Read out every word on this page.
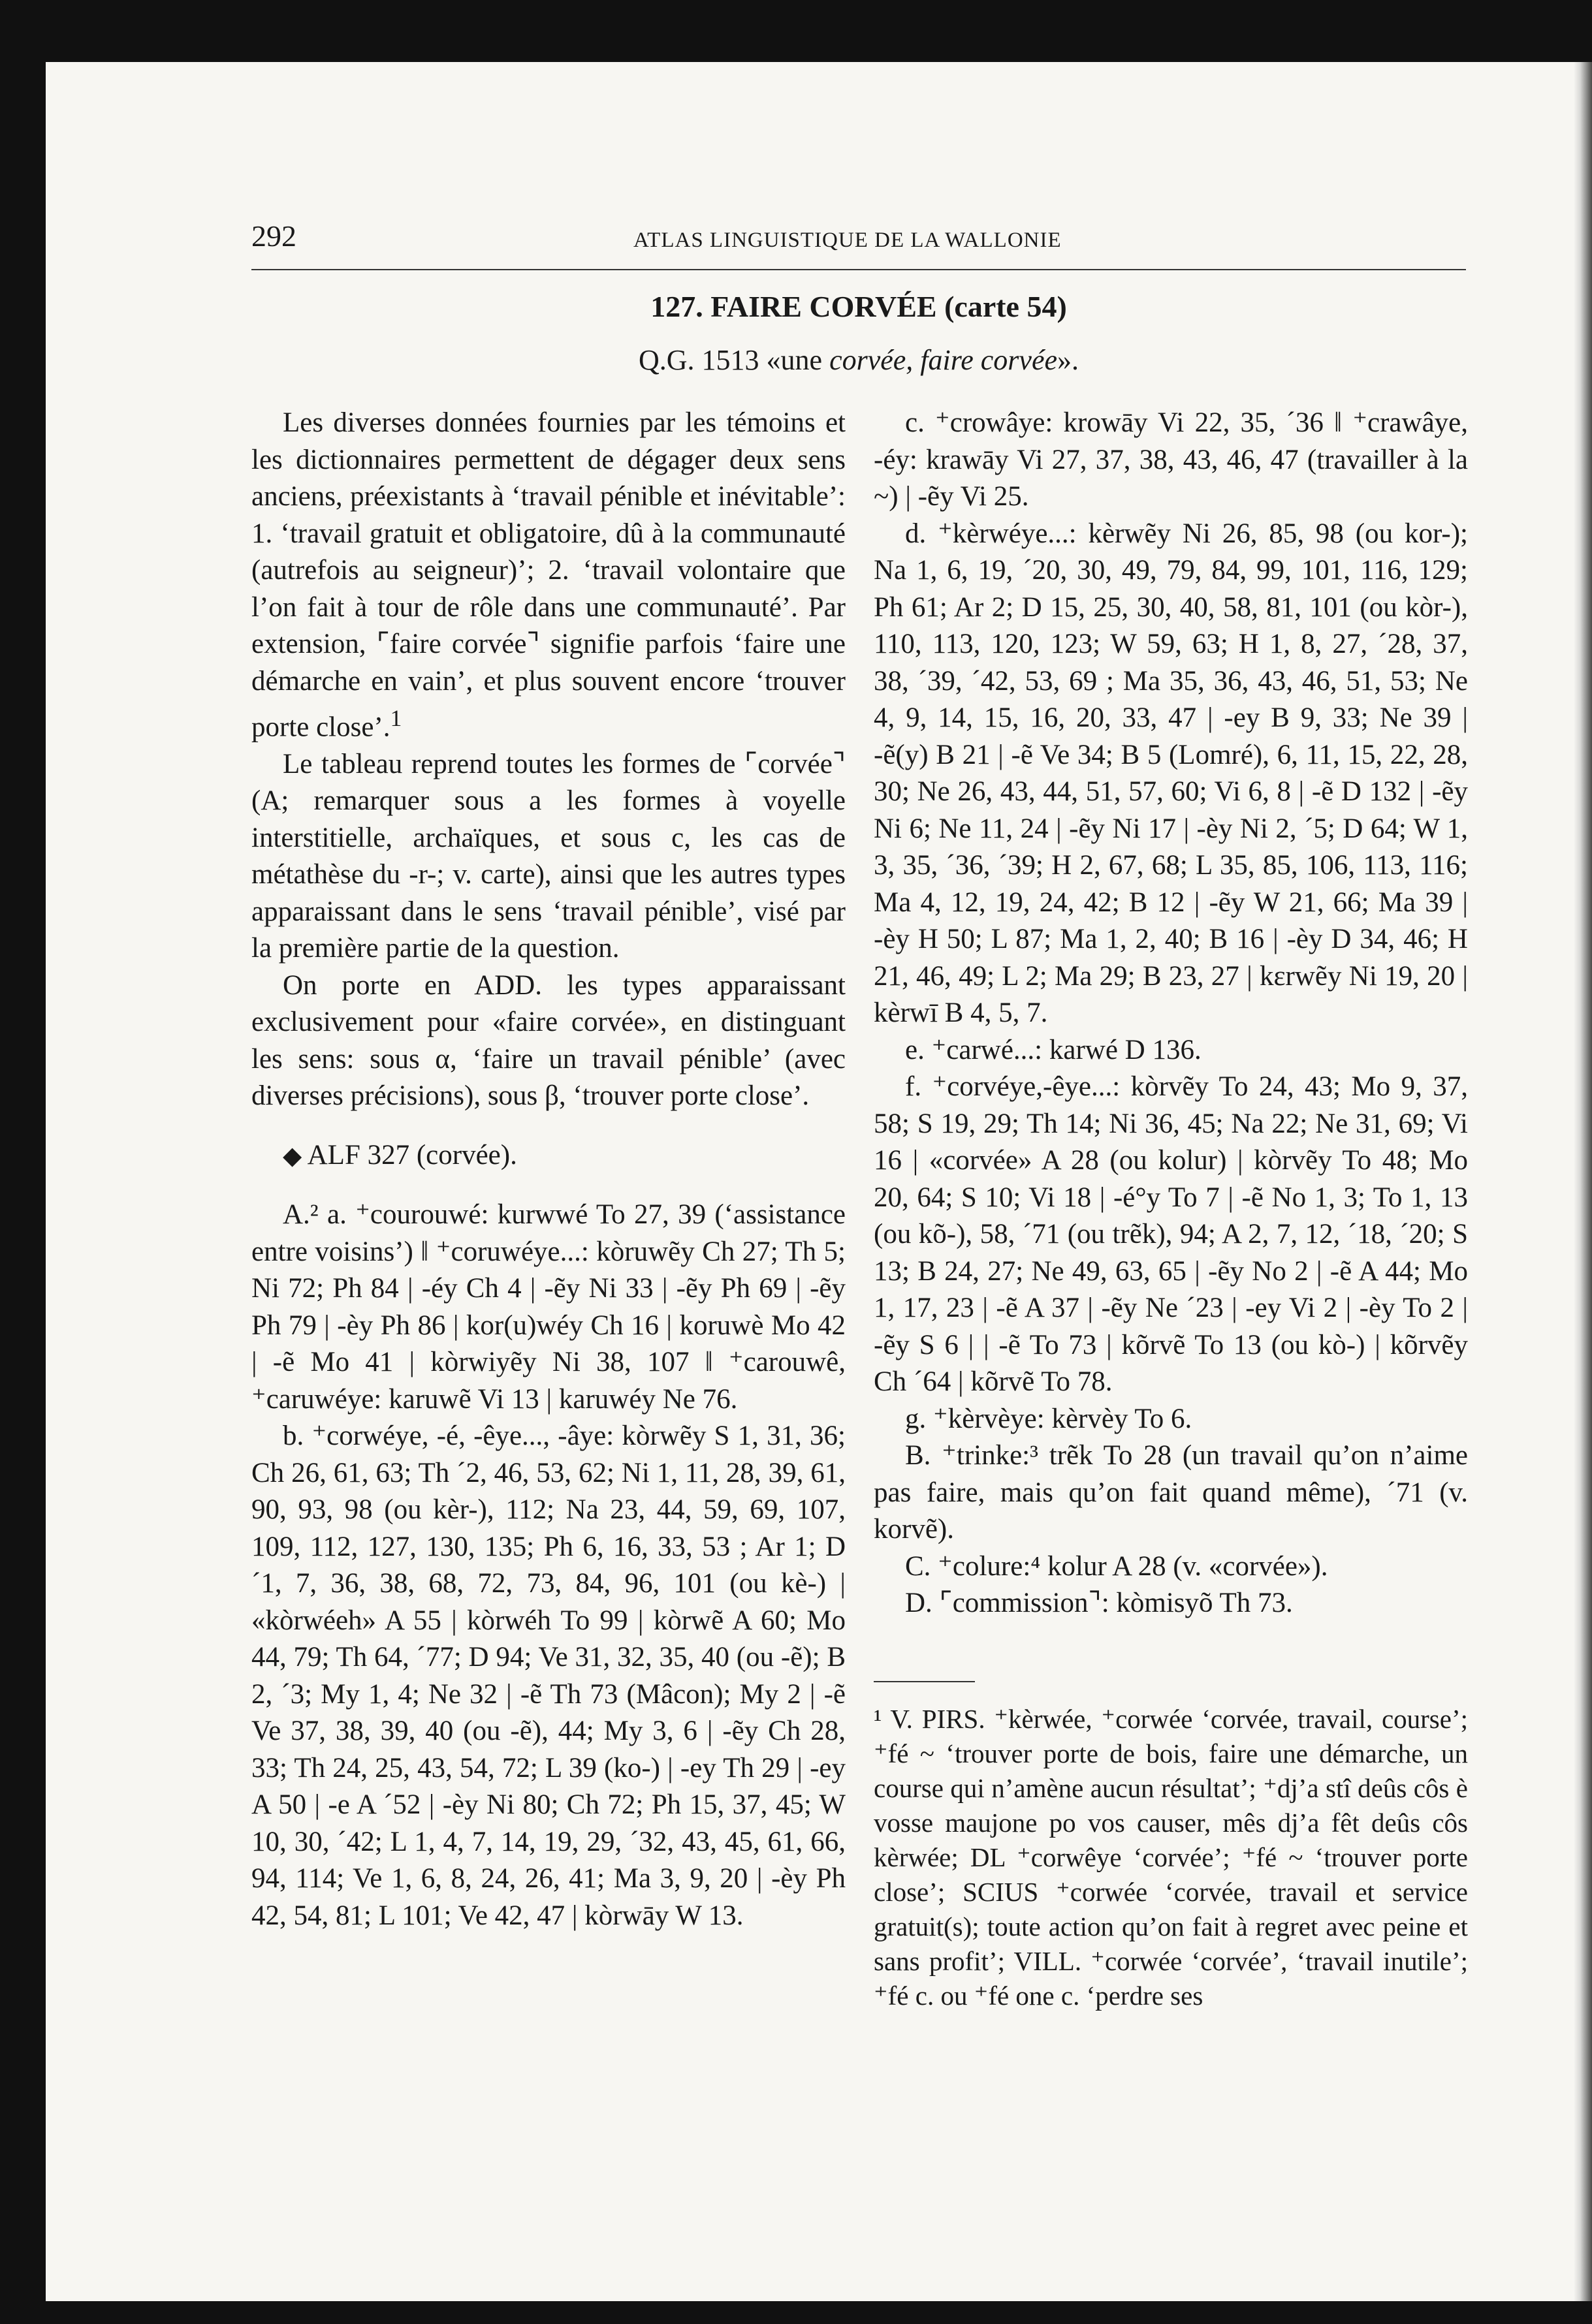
292	ATLAS LINGUISTIQUE DE LA WALLONIE
127. FAIRE CORVÉE (carte 54)
Q.G. 1513 «une corvée, faire corvée».

Les diverses données fournies par les témoins et les dictionnaires permettent de dégager deux sens anciens, préexistants à ‘travail pénible et inévitable’: 1. ‘travail gratuit et obligatoire, dû à la communauté (autrefois au seigneur)’; 2. ‘travail volontaire que l’on fait à tour de rôle dans une communauté’. Par extension, ⌜faire corvée⌝ signifie parfois ‘faire une démarche en vain’, et plus souvent encore ‘trouver porte close’.$^1$

Le tableau reprend toutes les formes de ⌜corvée⌝ (A; remarquer sous a les formes à voyelle interstitielle, archaïques, et sous c, les cas de métathèse du -r-; v. carte), ainsi que les autres types apparaissant dans le sens ‘travail pénible’, visé par la première partie de la question.

On porte en ADD. les types apparaissant exclusivement pour «faire corvée», en distinguant les sens: sous α, ‘faire un travail pénible’ (avec diverses précisions), sous β, ‘trouver porte close’.

◆ ALF 327 (corvée).

A.² a. ⁺courouwé: kurwwé To 27, 39 (‘assistance entre voisins’) ‖ ⁺coruwéye...: kòruwẽy Ch 27; Th 5; Ni 72; Ph 84 | -éy Ch 4 | -ẽy Ni 33 | -ẽy Ph 69 | -ẽy Ph 79 | -èy Ph 86 | kor(u)wéy Ch 16 | koruwè Mo 42 | -ẽ Mo 41 | kòrwiyẽy Ni 38, 107 ‖ ⁺carouwê, ⁺caruwéye: karuwẽ Vi 13 | karuwéy Ne 76.

b. ⁺corwéye, -é, -êye..., -âye: kòrwẽy S 1, 31, 36; Ch 26, 61, 63; Th ´2, 46, 53, 62; Ni 1, 11, 28, 39, 61, 90, 93, 98 (ou kèr-), 112; Na 23, 44, 59, 69, 107, 109, 112, 127, 130, 135; Ph 6, 16, 33, 53 ; Ar 1; D ´1, 7, 36, 38, 68, 72, 73, 84, 96, 101 (ou kè-) | «kòrwéeh» A 55 | kòrwéh To 99 | kòrwẽ A 60; Mo 44, 79; Th 64, ´77; D 94; Ve 31, 32, 35, 40 (ou -ẽ); B 2, ´3; My 1, 4; Ne 32 | -ẽ Th 73 (Mâcon); My 2 | -ẽ Ve 37, 38, 39, 40 (ou -ẽ), 44; My 3, 6 | -ẽy Ch 28, 33; Th 24, 25, 43, 54, 72; L 39 (ko-) | -ey Th 29 | -ey A 50 | -e A ´52 | -èy Ni 80; Ch 72; Ph 15, 37, 45; W 10, 30, ´42; L 1, 4, 7, 14, 19, 29, ´32, 43, 45, 61, 66, 94, 114; Ve 1, 6, 8, 24, 26, 41; Ma 3, 9, 20 | -èy Ph 42, 54, 81; L 101; Ve 42, 47 | kòrwāy W 13.

c. ⁺crowâye: krowāy Vi 22, 35, ´36 ‖ ⁺crawâye, -éy: krawāy Vi 27, 37, 38, 43, 46, 47 (travailler à la ~) | -ẽy Vi 25.

d. ⁺kèrwéye...: kèrwẽy Ni 26, 85, 98 (ou kor-); Na 1, 6, 19, ´20, 30, 49, 79, 84, 99, 101, 116, 129; Ph 61; Ar 2; D 15, 25, 30, 40, 58, 81, 101 (ou kòr-), 110, 113, 120, 123; W 59, 63; H 1, 8, 27, ´28, 37, 38, ´39, ´42, 53, 69 ; Ma 35, 36, 43, 46, 51, 53; Ne 4, 9, 14, 15, 16, 20, 33, 47 | -ey B 9, 33; Ne 39 | -ẽ(y) B 21 | -ẽ Ve 34; B 5 (Lomré), 6, 11, 15, 22, 28, 30; Ne 26, 43, 44, 51, 57, 60; Vi 6, 8 | -ẽ D 132 | -ẽy Ni 6; Ne 11, 24 | -ẽy Ni 17 | -èy Ni 2, ´5; D 64; W 1, 3, 35, ´36, ´39; H 2, 67, 68; L 35, 85, 106, 113, 116; Ma 4, 12, 19, 24, 42; B 12 | -ẽy W 21, 66; Ma 39 | -èy H 50; L 87; Ma 1, 2, 40; B 16 | -èy D 34, 46; H 21, 46, 49; L 2; Ma 29; B 23, 27 | kɛrwẽy Ni 19, 20 | kèrwī B 4, 5, 7.

e. ⁺carwé...: karwé D 136.

f. ⁺corvéye,-êye...: kòrvẽy To 24, 43; Mo 9, 37, 58; S 19, 29; Th 14; Ni 36, 45; Na 22; Ne 31, 69; Vi 16 | «corvée» A 28 (ou kolur) | kòrvẽy To 48; Mo 20, 64; S 10; Vi 18 | -é°y To 7 | -ẽ No 1, 3; To 1, 13 (ou kõ-), 58, ´71 (ou trẽk), 94; A 2, 7, 12, ´18, ´20; S 13; B 24, 27; Ne 49, 63, 65 | -ẽy No 2 | -ẽ A 44; Mo 1, 17, 23 | -ẽ A 37 | -ẽy Ne ´23 | -ey Vi 2 | -èy To 2 | -ẽy S 6 | | -ẽ To 73 | kõrvẽ To 13 (ou kò-) | kõrvẽy Ch ´64 | kõrvẽ To 78.

g. ⁺kèrvèye: kèrvèy To 6.

B. ⁺trinke:³ trẽk To 28 (un travail qu’on n’aime pas faire, mais qu’on fait quand même), ´71 (v. korvẽ).

C. ⁺colure:⁴ kolur A 28 (v. «corvée»).

D. ⌜commission⌝: kòmisyõ Th 73.

¹ V. PIRS. ⁺kèrwée, ⁺corwée ‘corvée, travail, course’; ⁺fé ~ ‘trouver porte de bois, faire une démarche, un course qui n’amène aucun résultat’; ⁺dj’a stî deûs côs è vosse maujone po vos causer, mês dj’a fêt deûs côs kèrwée; DL ⁺corwêye ‘corvée’; ⁺fé ~ ‘trouver porte close’; SCIUS ⁺corwée ‘corvée, travail et service gratuit(s); toute action qu’on fait à regret avec peine et sans profit’; VILL. ⁺corwée ‘corvée’, ‘travail inutile’; ⁺fé c. ou ⁺fé one c. ‘perdre ses
